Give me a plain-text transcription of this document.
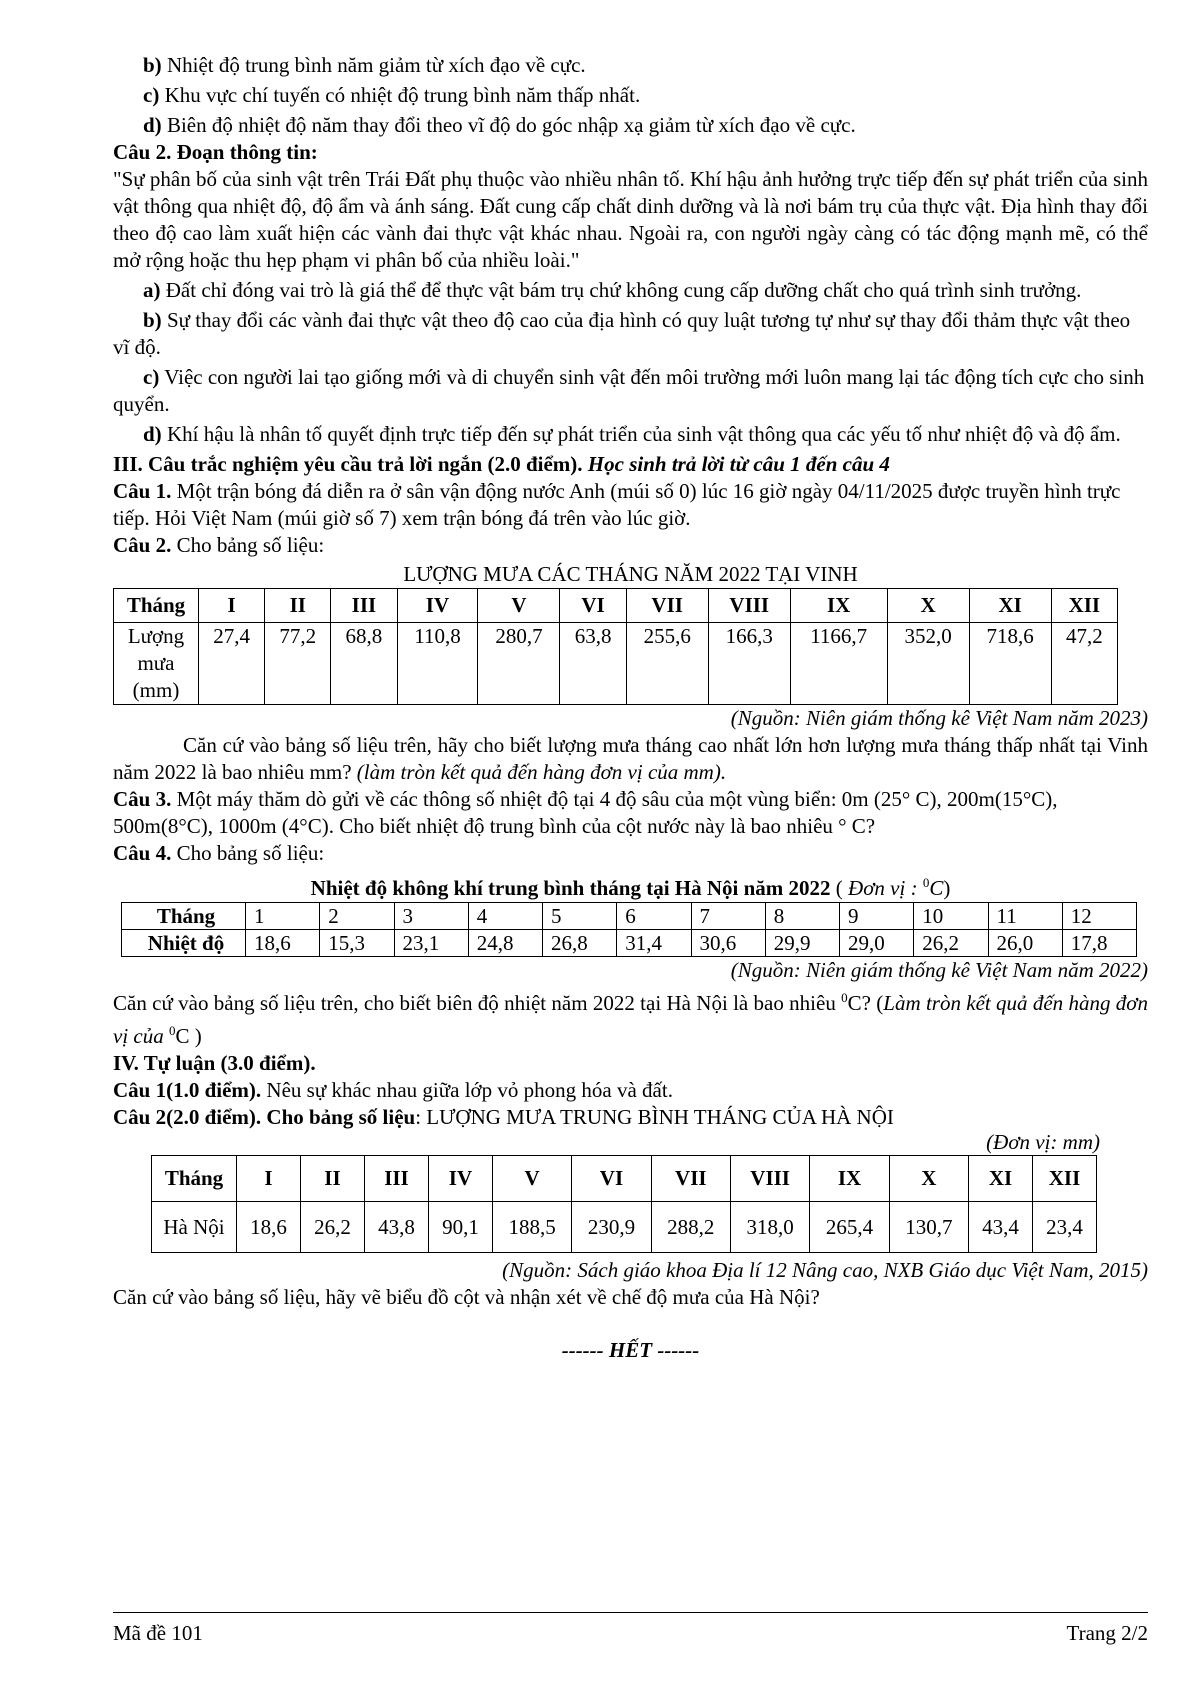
b) Nhiệt độ trung bình năm giảm từ xích đạo về cực.

c) Khu vực chí tuyến có nhiệt độ trung bình năm thấp nhất.

d) Biên độ nhiệt độ năm thay đổi theo vĩ độ do góc nhập xạ giảm từ xích đạo về cực.

Câu 2. Đoạn thông tin:

"Sự phân bố của sinh vật trên Trái Đất phụ thuộc vào nhiều nhân tố. Khí hậu ảnh hưởng trực tiếp đến sự phát triển của sinh vật thông qua nhiệt độ, độ ẩm và ánh sáng. Đất cung cấp chất dinh dưỡng và là nơi bám trụ của thực vật. Địa hình thay đổi theo độ cao làm xuất hiện các vành đai thực vật khác nhau. Ngoài ra, con người ngày càng có tác động mạnh mẽ, có thể mở rộng hoặc thu hẹp phạm vi phân bố của nhiều loài."

a) Đất chỉ đóng vai trò là giá thể để thực vật bám trụ chứ không cung cấp dưỡng chất cho quá trình sinh trưởng.

b) Sự thay đổi các vành đai thực vật theo độ cao của địa hình có quy luật tương tự như sự thay đổi thảm thực vật theo vĩ độ.

c) Việc con người lai tạo giống mới và di chuyển sinh vật đến môi trường mới luôn mang lại tác động tích cực cho sinh quyển.

d) Khí hậu là nhân tố quyết định trực tiếp đến sự phát triển của sinh vật thông qua các yếu tố như nhiệt độ và độ ẩm.

III. Câu trắc nghiệm yêu cầu trả lời ngắn (2.0 điểm). Học sinh trả lời từ câu 1 đến câu 4

Câu 1. Một trận bóng đá diễn ra ở sân vận động nước Anh (múi số 0) lúc 16 giờ ngày 04/11/2025 được truyền hình trực tiếp. Hỏi Việt Nam (múi giờ số 7) xem trận bóng đá trên vào lúc giờ.

Câu 2. Cho bảng số liệu:

LƯỢNG MƯA CÁC THÁNG NĂM 2022 TẠI VINH

Tháng	I	II	III	IV	V	VI	VII	VIII	IX	X	XI	XII
Lượng mưa (mm)	27,4	77,2	68,8	110,8	280,7	63,8	255,6	166,3	1166,7	352,0	718,6	47,2

(Nguồn: Niên giám thống kê Việt Nam năm 2023)

Căn cứ vào bảng số liệu trên, hãy cho biết lượng mưa tháng cao nhất lớn hơn lượng mưa tháng thấp nhất tại Vinh năm 2022 là bao nhiêu mm? (làm tròn kết quả đến hàng đơn vị của mm).

Câu 3. Một máy thăm dò gửi về các thông số nhiệt độ tại 4 độ sâu của một vùng biển: 0m (25° C), 200m(15°C), 500m(8°C), 1000m (4°C). Cho biết nhiệt độ trung bình của cột nước này là bao nhiêu ° C?

Câu 4. Cho bảng số liệu:

Nhiệt độ không khí trung bình tháng tại Hà Nội năm 2022 ( Đơn vị : $^0$C)

Tháng	1	2	3	4	5	6	7	8	9	10	11	12
Nhiệt độ	18,6	15,3	23,1	24,8	26,8	31,4	30,6	29,9	29,0	26,2	26,0	17,8

(Nguồn: Niên giám thống kê Việt Nam năm 2022)

Căn cứ vào bảng số liệu trên, cho biết biên độ nhiệt năm 2022 tại Hà Nội là bao nhiêu $^0$C? (Làm tròn kết quả đến hàng đơn vị của $^0$C )

IV. Tự luận (3.0 điểm).

Câu 1(1.0 điểm). Nêu sự khác nhau giữa lớp vỏ phong hóa và đất.

Câu 2(2.0 điểm). Cho bảng số liệu: LƯỢNG MƯA TRUNG BÌNH THÁNG CỦA HÀ NỘI

(Đơn vị: mm)

Tháng	I	II	III	IV	V	VI	VII	VIII	IX	X	XI	XII
Hà Nội	18,6	26,2	43,8	90,1	188,5	230,9	288,2	318,0	265,4	130,7	43,4	23,4

(Nguồn: Sách giáo khoa Địa lí 12 Nâng cao, NXB Giáo dục Việt Nam, 2015)

Căn cứ vào bảng số liệu, hãy vẽ biểu đồ cột và nhận xét về chế độ mưa của Hà Nội?

------ HẾT ------

Mã đề 101	Trang 2/2
